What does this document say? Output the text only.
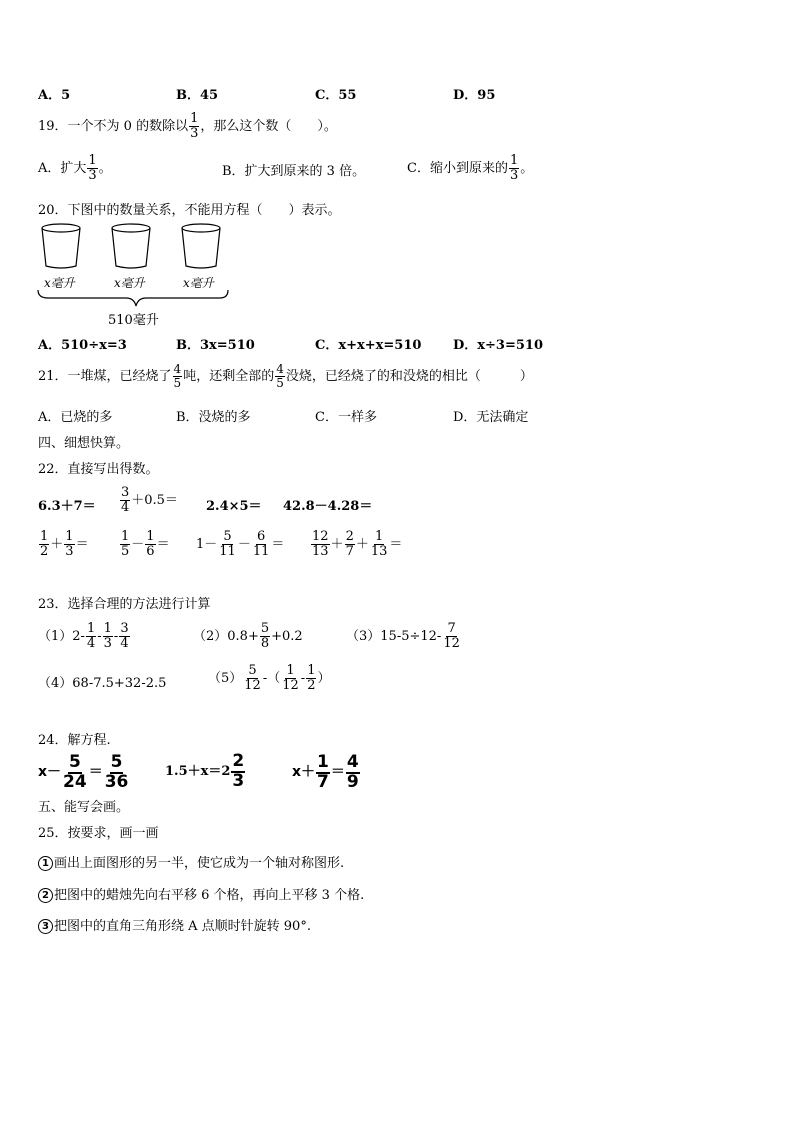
A．5	B．45	C．55	D．95
19．一个不为 0 的数除以 $\frac{1}{3}$ ，那么这个数（　　）。
A．扩大 $\frac{1}{3}$ 。	B．扩大到原来的 3 倍。	C．缩小到原来的 $\frac{1}{3}$ 。
20．下图中的数量关系，不能用方程（　　）表示。
x毫升	x毫升	x毫升
510毫升
A．510÷x=3	B．3x=510	C．x+x+x=510 D．x÷3=510
21．一堆煤，已经烧了 $\frac{4}{5}$ 吨，还剩全部的 $\frac{4}{5}$ 没烧，已经烧了的和没烧的相比（　　　）
A．已烧的多	B．没烧的多	C．一样多	D．无法确定
四、细想快算。
22．直接写出得数。
$6.3+7= \frac{3}{4} +0.5= 2.4\times 5= 42.8-4.28=$
$\frac{1}{2} + \frac{1}{3} = \frac{1}{5} - \frac{1}{6} = 1- \frac{5}{11} - \frac{6}{11} = \frac{12}{13} + \frac{2}{7} + \frac{1}{13}$ ＝
23．选择合理的方法进行计算
$(1)2- \frac{1}{4} - \frac{1}{3} - \frac{3}{4}$	$(2)0.8+ \frac{5}{8} +0.2$	$(3)15-5\div 12- \frac{7}{12}$
（4）68-7.5+32-2.5	$(5) \frac{5}{12}$ -（ $\frac{1}{12} - \frac{1}{2}$ ）
24．解方程.
$x- \frac{5}{24} = \frac{5}{36}$	$1.5+x=2 \frac{2}{3}$	$x+ \frac{1}{7} = \frac{4}{9}$
五、能写会画。
25．按要求，画一画
1 画出上面图形的另一半，使它成为一个轴对称图形.
2 把图中的蜡烛先向右平移 6 个格，再向上平移 3 个格.
3 把图中的直角三角形绕 A 点顺时针旋转 90°.
